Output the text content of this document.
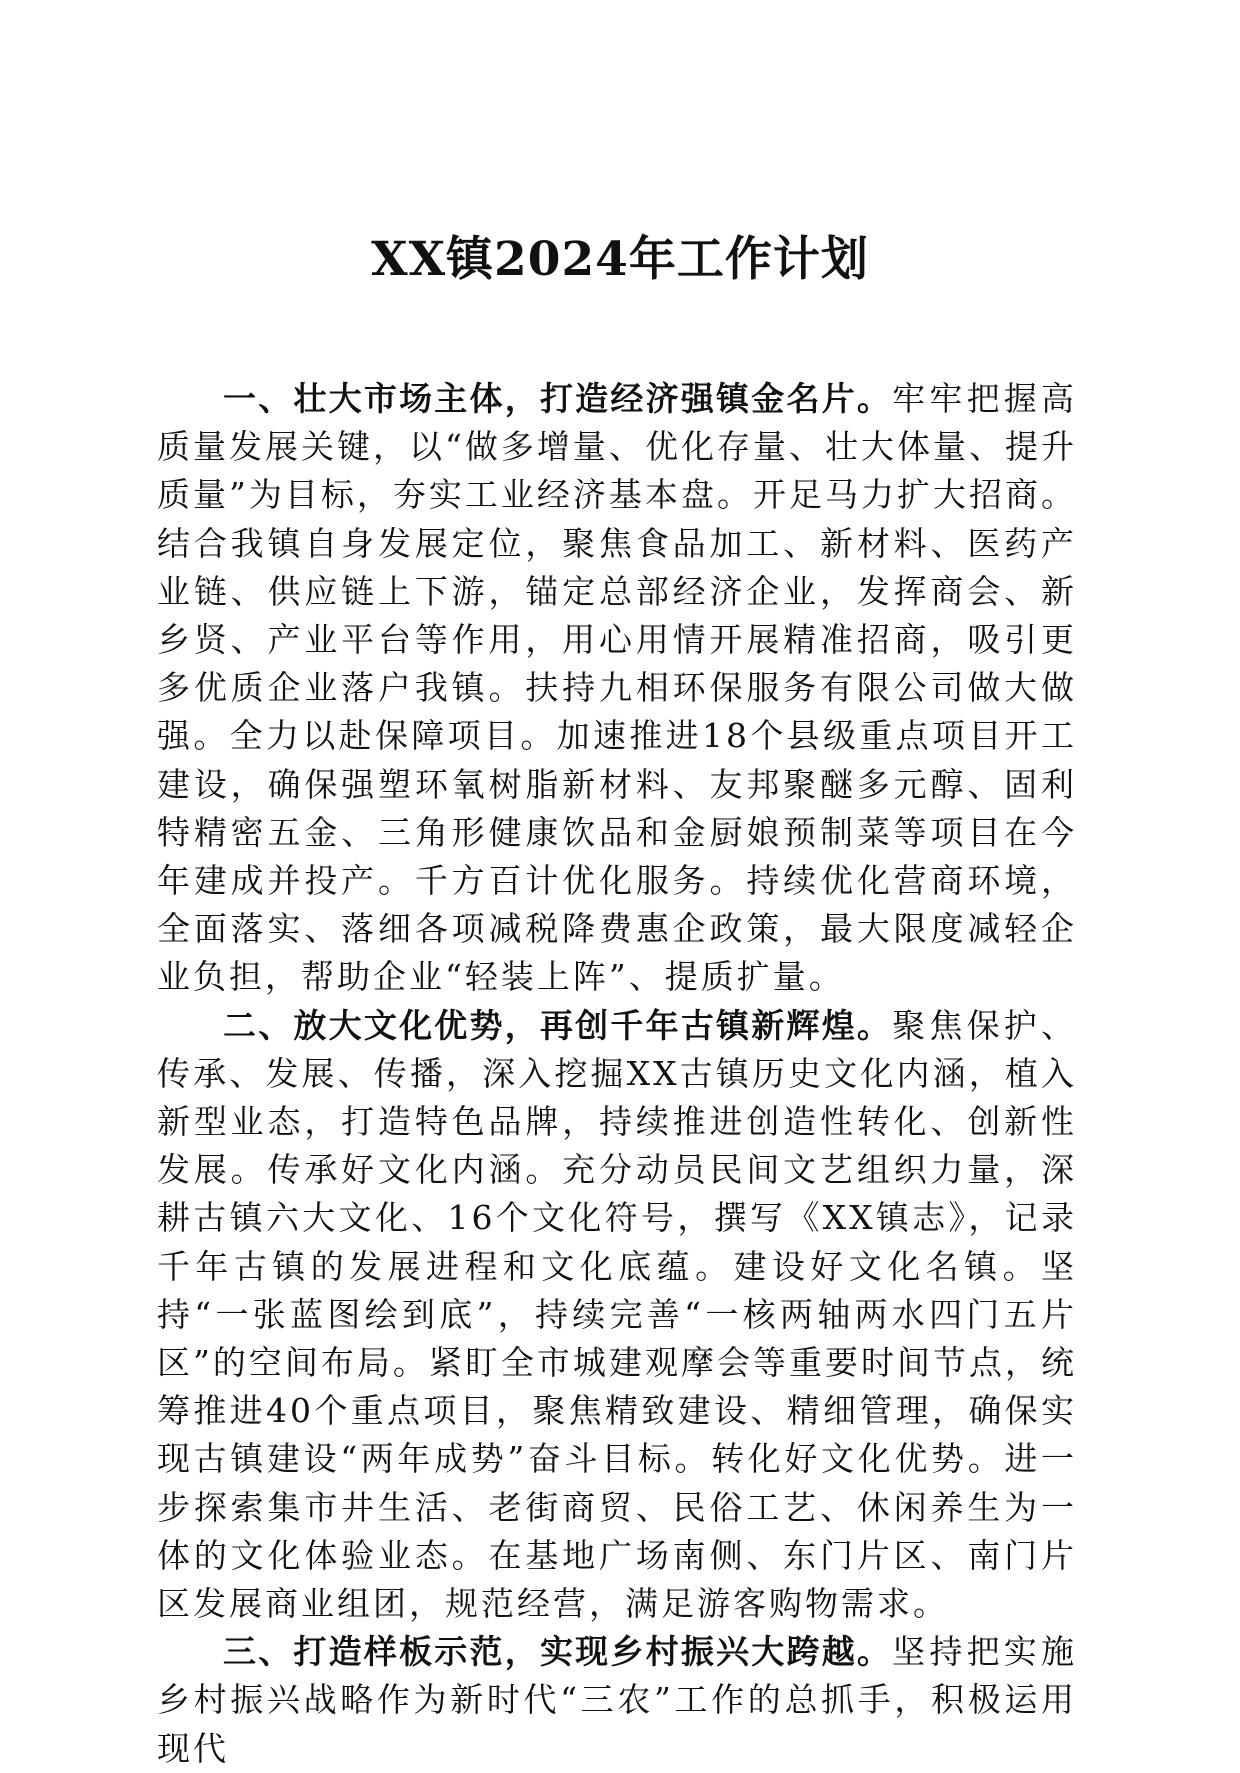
XX镇2024年工作计划

一、壮大市场主体，打造经济强镇金名片。牢牢把握高质量发展关键，以“做多增量、优化存量、壮大体量、提升质量”为目标，夯实工业经济基本盘。开足马力扩大招商。结合我镇自身发展定位，聚焦食品加工、新材料、医药产业链、供应链上下游，锚定总部经济企业，发挥商会、新乡贤、产业平台等作用，用心用情开展精准招商，吸引更多优质企业落户我镇。扶持九相环保服务有限公司做大做强。全力以赴保障项目。加速推进18个县级重点项目开工建设，确保强塑环氧树脂新材料、友邦聚醚多元醇、固利特精密五金、三角形健康饮品和金厨娘预制菜等项目在今年建成并投产。千方百计优化服务。持续优化营商环境，全面落实、落细各项减税降费惠企政策，最大限度减轻企业负担，帮助企业“轻装上阵”、提质扩量。

二、放大文化优势，再创千年古镇新辉煌。聚焦保护、传承、发展、传播，深入挖掘XX古镇历史文化内涵，植入新型业态，打造特色品牌，持续推进创造性转化、创新性发展。传承好文化内涵。充分动员民间文艺组织力量，深耕古镇六大文化、16个文化符号，撰写《XX镇志》，记录千年古镇的发展进程和文化底蕴。建设好文化名镇。坚持“一张蓝图绘到底”，持续完善“一核两轴两水四门五片区”的空间布局。紧盯全市城建观摩会等重要时间节点，统筹推进40个重点项目，聚焦精致建设、精细管理，确保实现古镇建设“两年成势”奋斗目标。转化好文化优势。进一步探索集市井生活、老街商贸、民俗工艺、休闲养生为一体的文化体验业态。在基地广场南侧、东门片区、南门片区发展商业组团，规范经营，满足游客购物需求。

三、打造样板示范，实现乡村振兴大跨越。坚持把实施乡村振兴战略作为新时代“三农”工作的总抓手，积极运用现代
